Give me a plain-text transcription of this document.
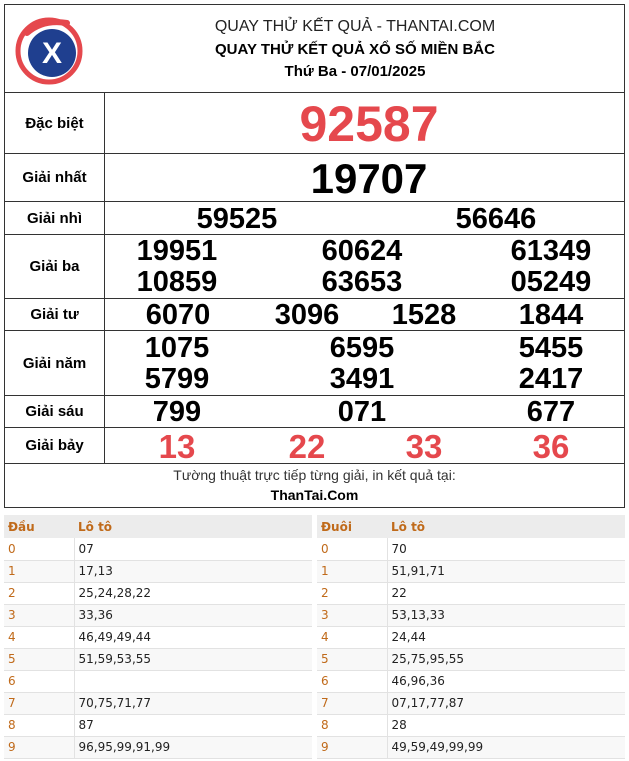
X
QUAY THỬ KẾT QUẢ - THANTAI.COM
QUAY THỬ KẾT QUẢ XỔ SỐ MIỀN BẮC
Thứ Ba - 07/01/2025
Đặc biệt	92587
Giải nhất	19707
Giải nhì	59525	56646
Giải ba	19951	60624	61349
10859	63653	05249
Giải tư	6070 3096 1528 1844
Giải năm	1075	6595	5455
5799	3491	2417
Giải sáu	799	071	677
Giải bảy	13	22 33	36
Tường thuật trực tiếp từng giải, in kết quả tại:
ThanTai.Com
Đầu	Lô tô
0	07
1	17,13
2	25,24,28,22
3	33,36
4	46,49,49,44
5	51,59,53,55
6	
7	70,75,71,77
8	87
9	96,95,99,91,99
Đuôi	Lô tô
0	70
1	51,91,71
2	22
3	53,13,33
4	24,44
5	25,75,95,55
6	46,96,36
7	07,17,77,87
8	28
9	49,59,49,99,99
